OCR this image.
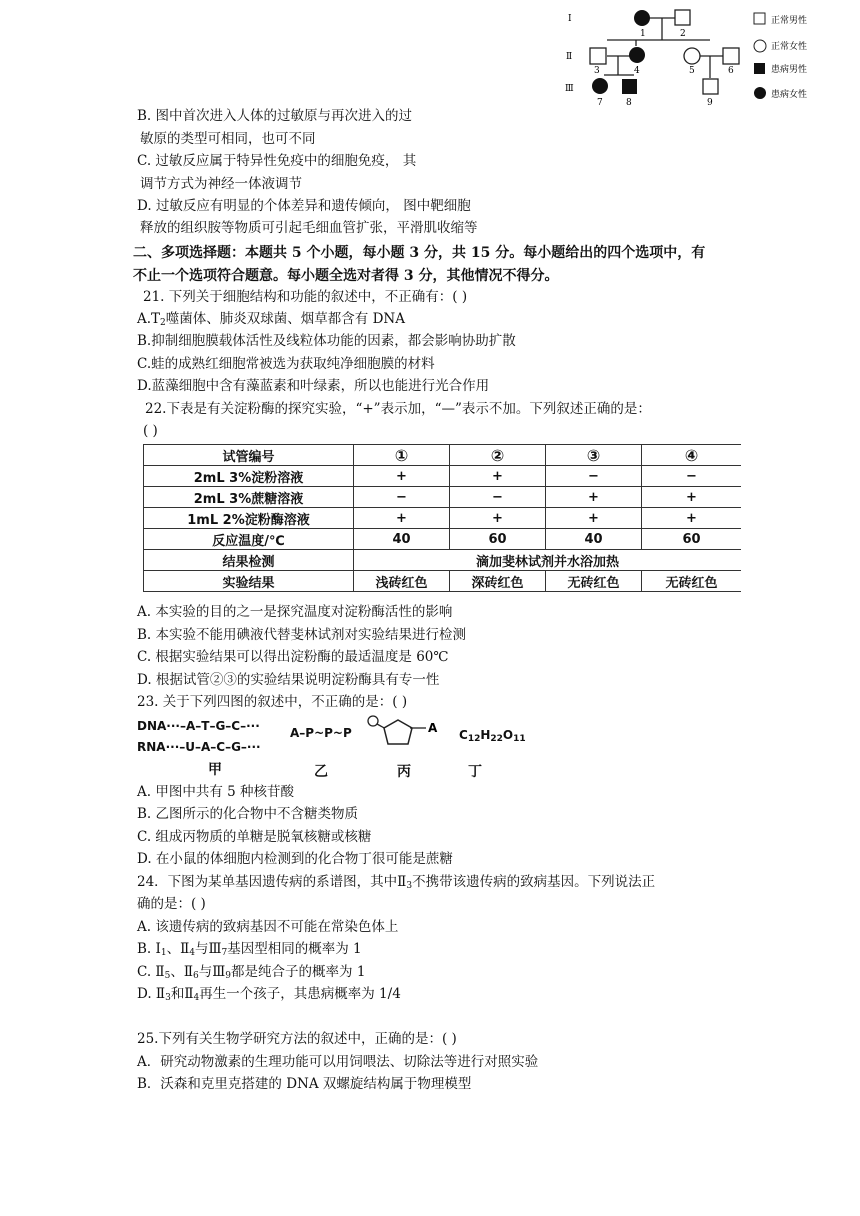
Ⅰ
Ⅱ
Ⅲ
1	2
3	4	5	6
7	8	9
正常男性
正常女性
患病男性
患病女性
B. 图中首次进入人体的过敏原与再次进入的过
敏原的类型可相同，也可不同
C. 过敏反应属于特异性免疫中的细胞免疫， 其
调节方式为神经一体液调节
D. 过敏反应有明显的个体差异和遗传倾向， 图中靶细胞
释放的组织胺等物质可引起毛细血管扩张，平滑肌收缩等
二、多项选择题：本题共 5 个小题，每小题 3 分，共 15 分。每小题给出的四个选项中，有
不止一个选项符合题意。每小题全选对者得 3 分，其他情况不得分。
21. 下列关于细胞结构和功能的叙述中，不正确有：( )
$A.T_2$噬菌体、肺炎双球菌、烟草都含有 DNA
B.抑制细胞膜载体活性及线粒体功能的因素，都会影响协助扩散
C.蛙的成熟红细胞常被选为获取纯净细胞膜的材料
D.蓝藻细胞中含有藻蓝素和叶绿素，所以也能进行光合作用
22.下表是有关淀粉酶的探究实验，“+”表示加，“—”表示不加。下列叙述正确的是：
( )
试管编号	①	②	③	④
2mL 3%淀粉溶液	+	+	−	−
2mL 3%蔗糖溶液	−	−	+	+
1mL 2%淀粉酶溶液	+	+	+	+
反应温度/℃	40	60	40	60
结果检测	滴加斐林试剂并水浴加热			
实验结果	浅砖红色	深砖红色	无砖红色	无砖红色
A. 本实验的目的之一是探究温度对淀粉酶活性的影响
B. 本实验不能用碘液代替斐林试剂对实验结果进行检测
C. 根据实验结果可以得出淀粉酶的最适温度是 60℃
D. 根据试管②③的实验结果说明淀粉酶具有专一性
23. 关于下列四图的叙述中，不正确的是：( )
DNA···–A–T–G–C–···
RNA···–U–A–C–G–···
A–P~P~P	A $C_{12}H_{22}O_{11}$
甲	乙	丙	丁
A. 甲图中共有 5 种核苷酸
B. 乙图所示的化合物中不含糖类物质
C. 组成丙物质的单糖是脱氧核糖或核糖
D. 在小鼠的体细胞内检测到的化合物丁很可能是蔗糖
24．下图为某单基因遗传病的系谱图，其中$Ⅱ_3$不携带该遗传病的致病基因。下列说法正
确的是：( )
A. 该遗传病的致病基因不可能在常染色体上
B. $Ⅰ_1$、$Ⅱ_4$与$Ⅲ_7$基因型相同的概率为 1
C. $Ⅱ_5$、$Ⅱ_6$与$Ⅲ_9$都是纯合子的概率为 1
D. $Ⅱ_3$和$Ⅱ_4$再生一个孩子，其患病概率为 1/4
25.下列有关生物学研究方法的叙述中，正确的是：( )
A．研究动物激素的生理功能可以用饲喂法、切除法等进行对照实验
B．沃森和克里克搭建的 DNA 双螺旋结构属于物理模型
